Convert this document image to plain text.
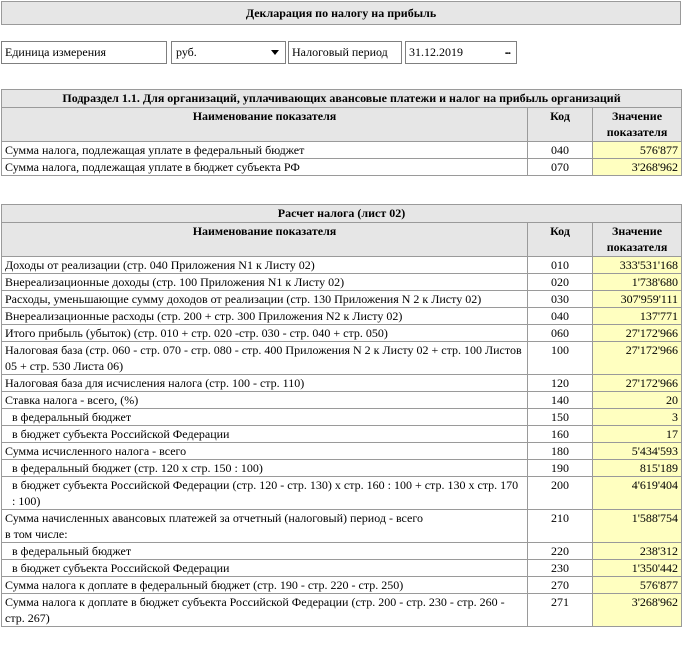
Декларация по налогу на прибыль
Единица измерения	руб.	Налоговый период	31.12.2019	...
Подраздел 1.1. Для организаций, уплачивающих авансовые платежи и налог на прибыль организаций		
Наименование показателя	Код	Значение показателя
Сумма налога, подлежащая уплате в федеральный бюджет	040	576'877
Сумма налога, подлежащая уплате в бюджет субъекта РФ	070	3'268'962
Расчет налога (лист 02)		
Наименование показателя	Код	Значение показателя
Доходы от реализации (стр. 040 Приложения N1 к Листу 02)	010	333'531'168
Внереализационные доходы (стр. 100 Приложения N1 к Листу 02)	020	1'738'680
Расходы, уменьшающие сумму доходов от реализации (стр. 130 Приложения N 2 к Листу 02)	030	307'959'111
Внереализационные расходы (стр. 200 + стр. 300 Приложения N2 к Листу 02)	040	137'771
Итого прибыль (убыток) (стр. 010 + стр. 020 -стр. 030 - стр. 040 + стр. 050)	060	27'172'966
Налоговая база (стр. 060 - стр. 070 - стр. 080 - стр. 400 Приложения N 2 к Листу 02 + стр. 100 Листов 05 + стр. 530 Листа 06)	100	27'172'966
Налоговая база для исчисления налога (стр. 100 - стр. 110)	120	27'172'966
Ставка налога - всего, (%)	140	20
в федеральный бюджет	150	3
в бюджет субъекта Российской Федерации	160	17
Сумма исчисленного налога - всего	180	5'434'593
в федеральный бюджет (стр. 120 х стр. 150 : 100)	190	815'189
в бюджет субъекта Российской Федерации (стр. 120 - стр. 130) х стр. 160 : 100 + стр. 130 х стр. 170 : 100)	200	4'619'404
Сумма начисленных авансовых платежей за отчетный (налоговый) период - всего
в том числе:	210	1'588'754
в федеральный бюджет	220	238'312
в бюджет субъекта Российской Федерации	230	1'350'442
Сумма налога к доплате в федеральный бюджет (стр. 190 - стр. 220 - стр. 250)	270	576'877
Сумма налога к доплате в бюджет субъекта Российской Федерации (стр. 200 - стр. 230 - стр. 260 - стр. 267)	271	3'268'962
